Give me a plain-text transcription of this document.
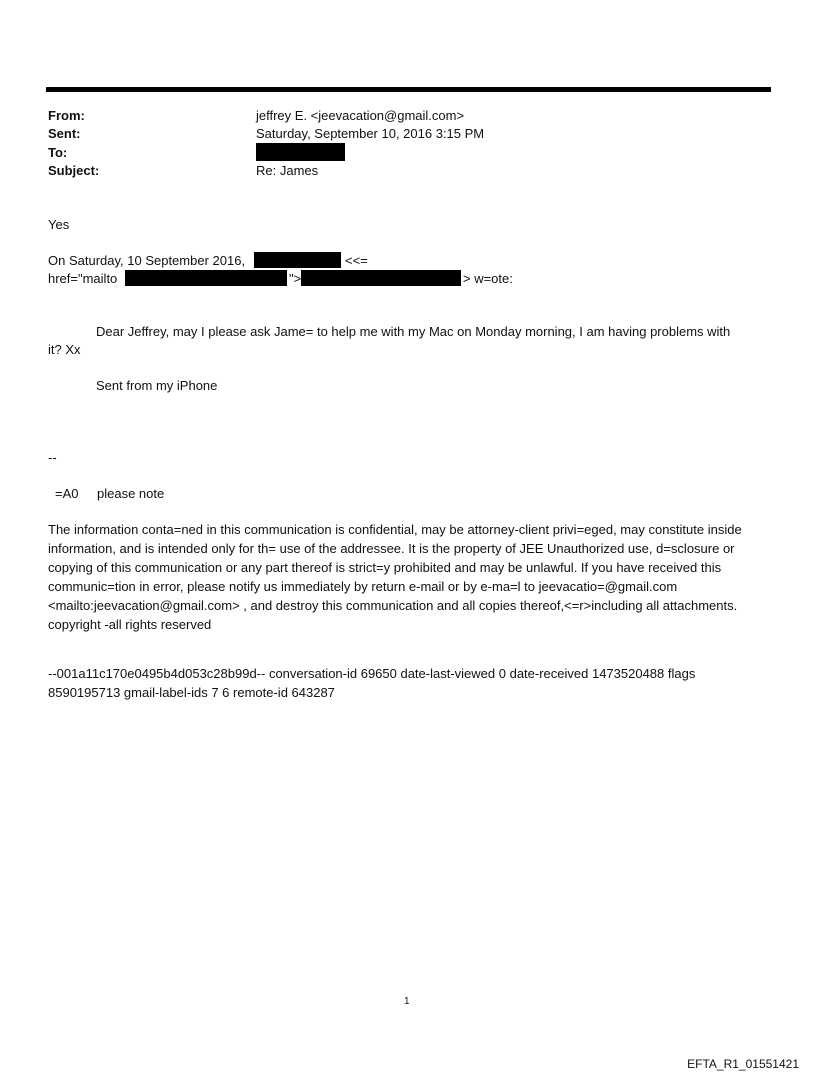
From:	jeffrey E. <jeevacation@gmail.com>
Sent:	Saturday, September 10, 2016 3:15 PM
To:
Subject:	Re: James
Yes
On Saturday, 10 September 2016,	<<=
href="mailto	">	> w=ote:
Dear Jeffrey, may I please ask Jame= to help me with my Mac on Monday morning, I am having problems with
it? Xx
Sent from my iPhone
--
=A0 please note
The information conta=ned in this communication is confidential, may be attorney-client privi=eged, may constitute inside information, and is intended only for th= use of the addressee. It is the property of JEE Unauthorized use, d=sclosure or copying of this communication or any part thereof is strict=y prohibited and may be unlawful. If you have received this communic=tion in error, please notify us immediately by return e-mail or by e-ma=l to jeevacatio=@gmail.com <mailto:jeevacation@gmail.com> , and destroy this communication and all copies thereof,<=r>including all attachments. copyright -all rights reserved
--001a11c170e0495b4d053c28b99d-- conversation-id 69650 date-last-viewed 0 date-received 1473520488 flags 8590195713 gmail-label-ids 7 6 remote-id 643287
1
EFTA_R1_01551421
